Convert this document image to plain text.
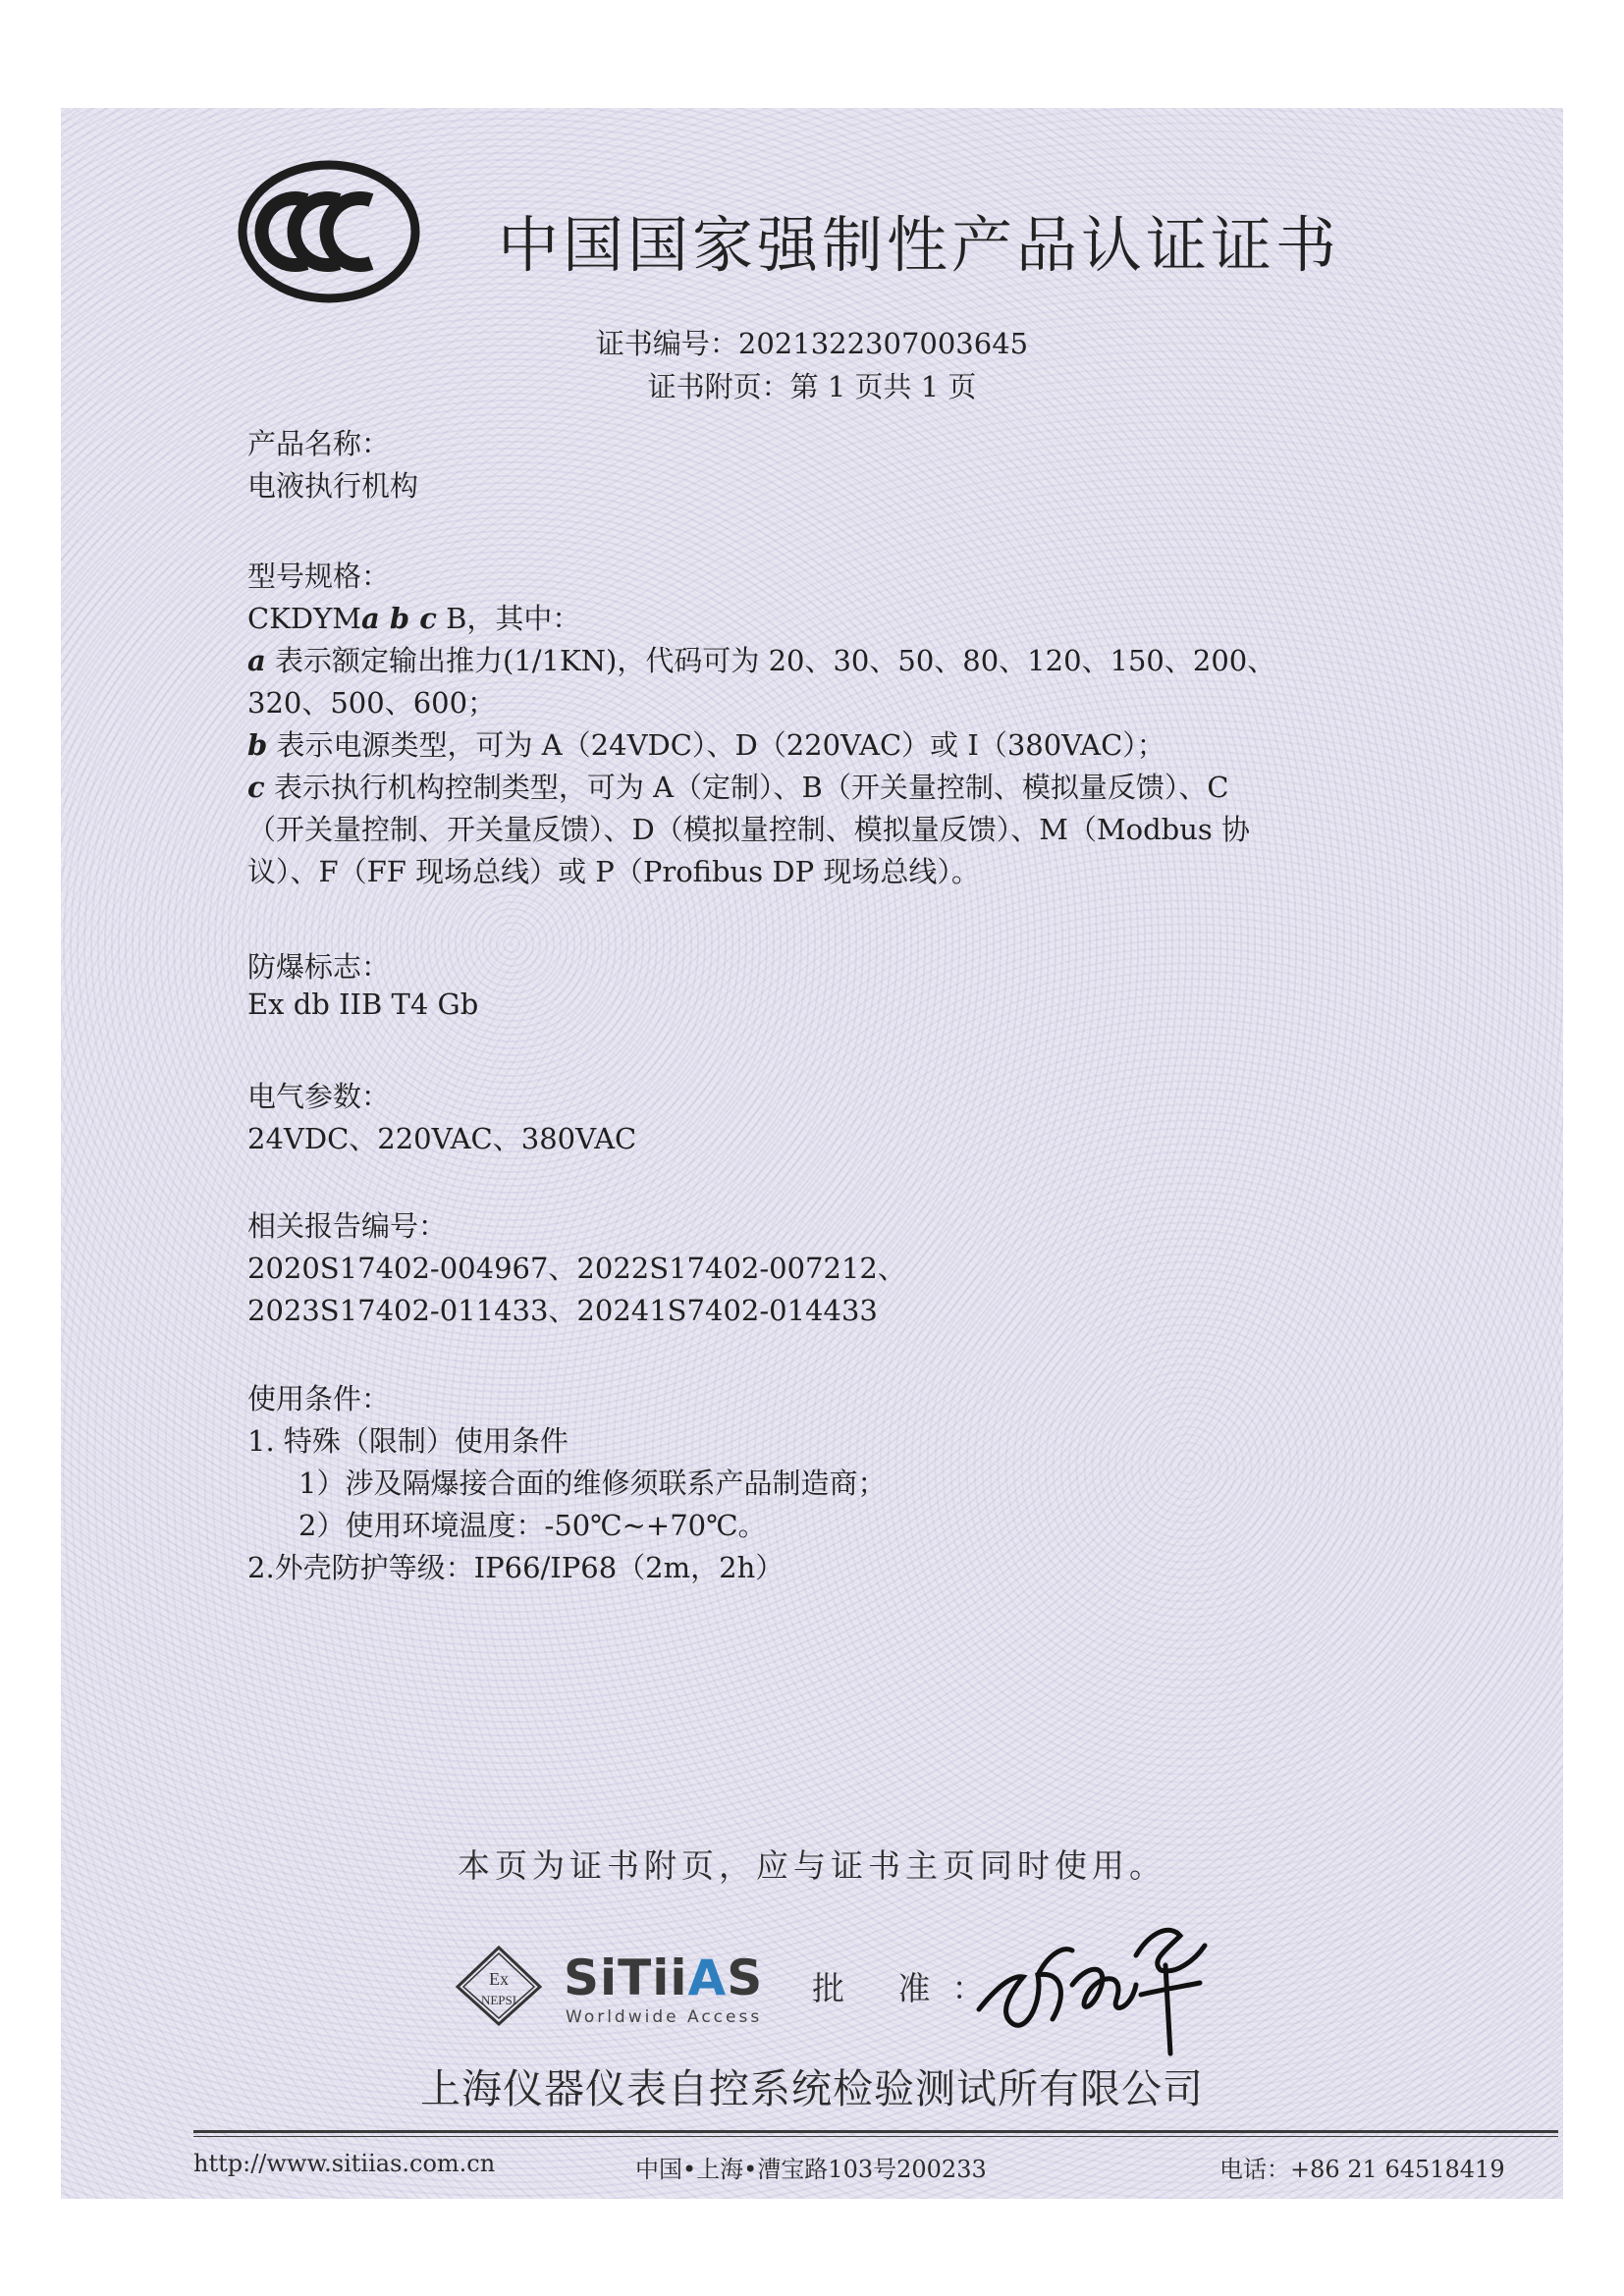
中国国家强制性产品认证证书
证书编号：2021322307003645
证书附页：第 1 页共 1 页
产品名称：
电液执行机构
型号规格：
CKDYMa b c B，其中：
a 表示额定输出推力(1/1KN)，代码可为 20、30、50、80、120、150、200、
320、500、600；
b 表示电源类型，可为 A（24VDC）、D（220VAC）或 I（380VAC）；
c 表示执行机构控制类型，可为 A（定制）、B（开关量控制、模拟量反馈）、C
（开关量控制、开关量反馈）、D（模拟量控制、模拟量反馈）、M（Modbus 协
议）、F（FF 现场总线）或 P（Profibus DP 现场总线）。
防爆标志：
Ex db IIB T4 Gb
电气参数：
24VDC、220VAC、380VAC
相关报告编号：
2020S17402-004967、2022S17402-007212、
2023S17402-011433、20241S7402-014433
使用条件：
1. 特殊（限制）使用条件
1）涉及隔爆接合面的维修须联系产品制造商；
2）使用环境温度：-50℃~+70℃。
2.外壳防护等级：IP66/IP68（2m，2h）
本页为证书附页，应与证书主页同时使用。
Ex
NEPSI SiTiiAS
Worldwide Access
批 准：
上海仪器仪表自控系统检验测试所有限公司
http://www.sitiias.com.cn	中国•上海•漕宝路103号200233	电话：+86 21 64518419
